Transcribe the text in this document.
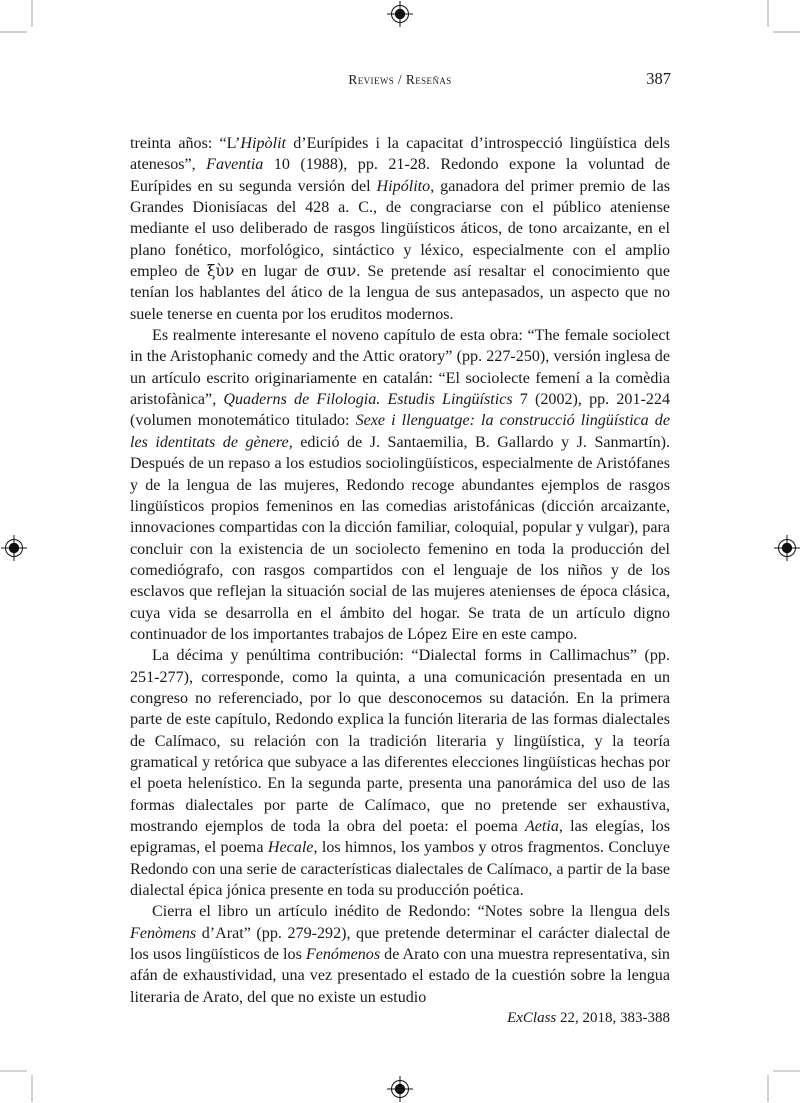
Reviews / Reseñas	387

treinta años: “L’Hipòlit d’Eurípides i la capacitat d’introspecció lingüística dels atenesos”, Faventia 10 (1988), pp. 21-28. Redondo expone la voluntad de Eurípides en su segunda versión del Hipólito, ganadora del primer premio de las Grandes Dionisíacas del 428 a. C., de congraciarse con el público ateniense mediante el uso deliberado de rasgos lingüísticos áticos, de tono arcaizante, en el plano fonético, morfológico, sintáctico y léxico, especialmente con el amplio empleo de ξὺν en lugar de σuν. Se pretende así resaltar el conocimiento que tenían los hablantes del ático de la lengua de sus antepasados, un aspecto que no suele tenerse en cuenta por los eruditos modernos.

Es realmente interesante el noveno capítulo de esta obra: “The female sociolect in the Aristophanic comedy and the Attic oratory” (pp. 227-250), versión inglesa de un artículo escrito originariamente en catalán: “El sociolecte femení a la comèdia aristofànica”, Quaderns de Filologia. Estudis Lingüístics 7 (2002), pp. 201-224 (volumen monotemático titulado: Sexe i llenguatge: la construcció lingüística de les identitats de gènere, edició de J. Santaemilia, B. Gallardo y J. Sanmartín). Después de un repaso a los estudios sociolingüísticos, especialmente de Aristófanes y de la lengua de las mujeres, Redondo recoge abundantes ejemplos de rasgos lingüísticos propios femeninos en las comedias aristofánicas (dicción arcaizante, innovaciones compartidas con la dicción familiar, coloquial, popular y vulgar), para concluir con la existencia de un sociolecto femenino en toda la producción del comediógrafo, con rasgos compartidos con el lenguaje de los niños y de los esclavos que reflejan la situación social de las mujeres atenienses de época clásica, cuya vida se desarrolla en el ámbito del hogar. Se trata de un artículo digno continuador de los importantes trabajos de López Eire en este campo.

La décima y penúltima contribución: “Dialectal forms in Callimachus” (pp. 251-277), corresponde, como la quinta, a una comunicación presentada en un congreso no referenciado, por lo que desconocemos su datación. En la primera parte de este capítulo, Redondo explica la función literaria de las formas dialectales de Calímaco, su relación con la tradición literaria y lingüística, y la teoría gramatical y retórica que subyace a las diferentes elecciones lingüísticas hechas por el poeta helenístico. En la segunda parte, presenta una panorámica del uso de las formas dialectales por parte de Calímaco, que no pretende ser exhaustiva, mostrando ejemplos de toda la obra del poeta: el poema Aetia, las elegías, los epigramas, el poema Hecale, los himnos, los yambos y otros fragmentos. Concluye Redondo con una serie de características dialectales de Calímaco, a partir de la base dialectal épica jónica presente en toda su producción poética.

Cierra el libro un artículo inédito de Redondo: “Notes sobre la llengua dels Fenòmens d’Arat” (pp. 279-292), que pretende determinar el carácter dialectal de los usos lingüísticos de los Fenómenos de Arato con una muestra representativa, sin afán de exhaustividad, una vez presentado el estado de la cuestión sobre la lengua literaria de Arato, del que no existe un estudio

ExClass 22, 2018, 383-388
